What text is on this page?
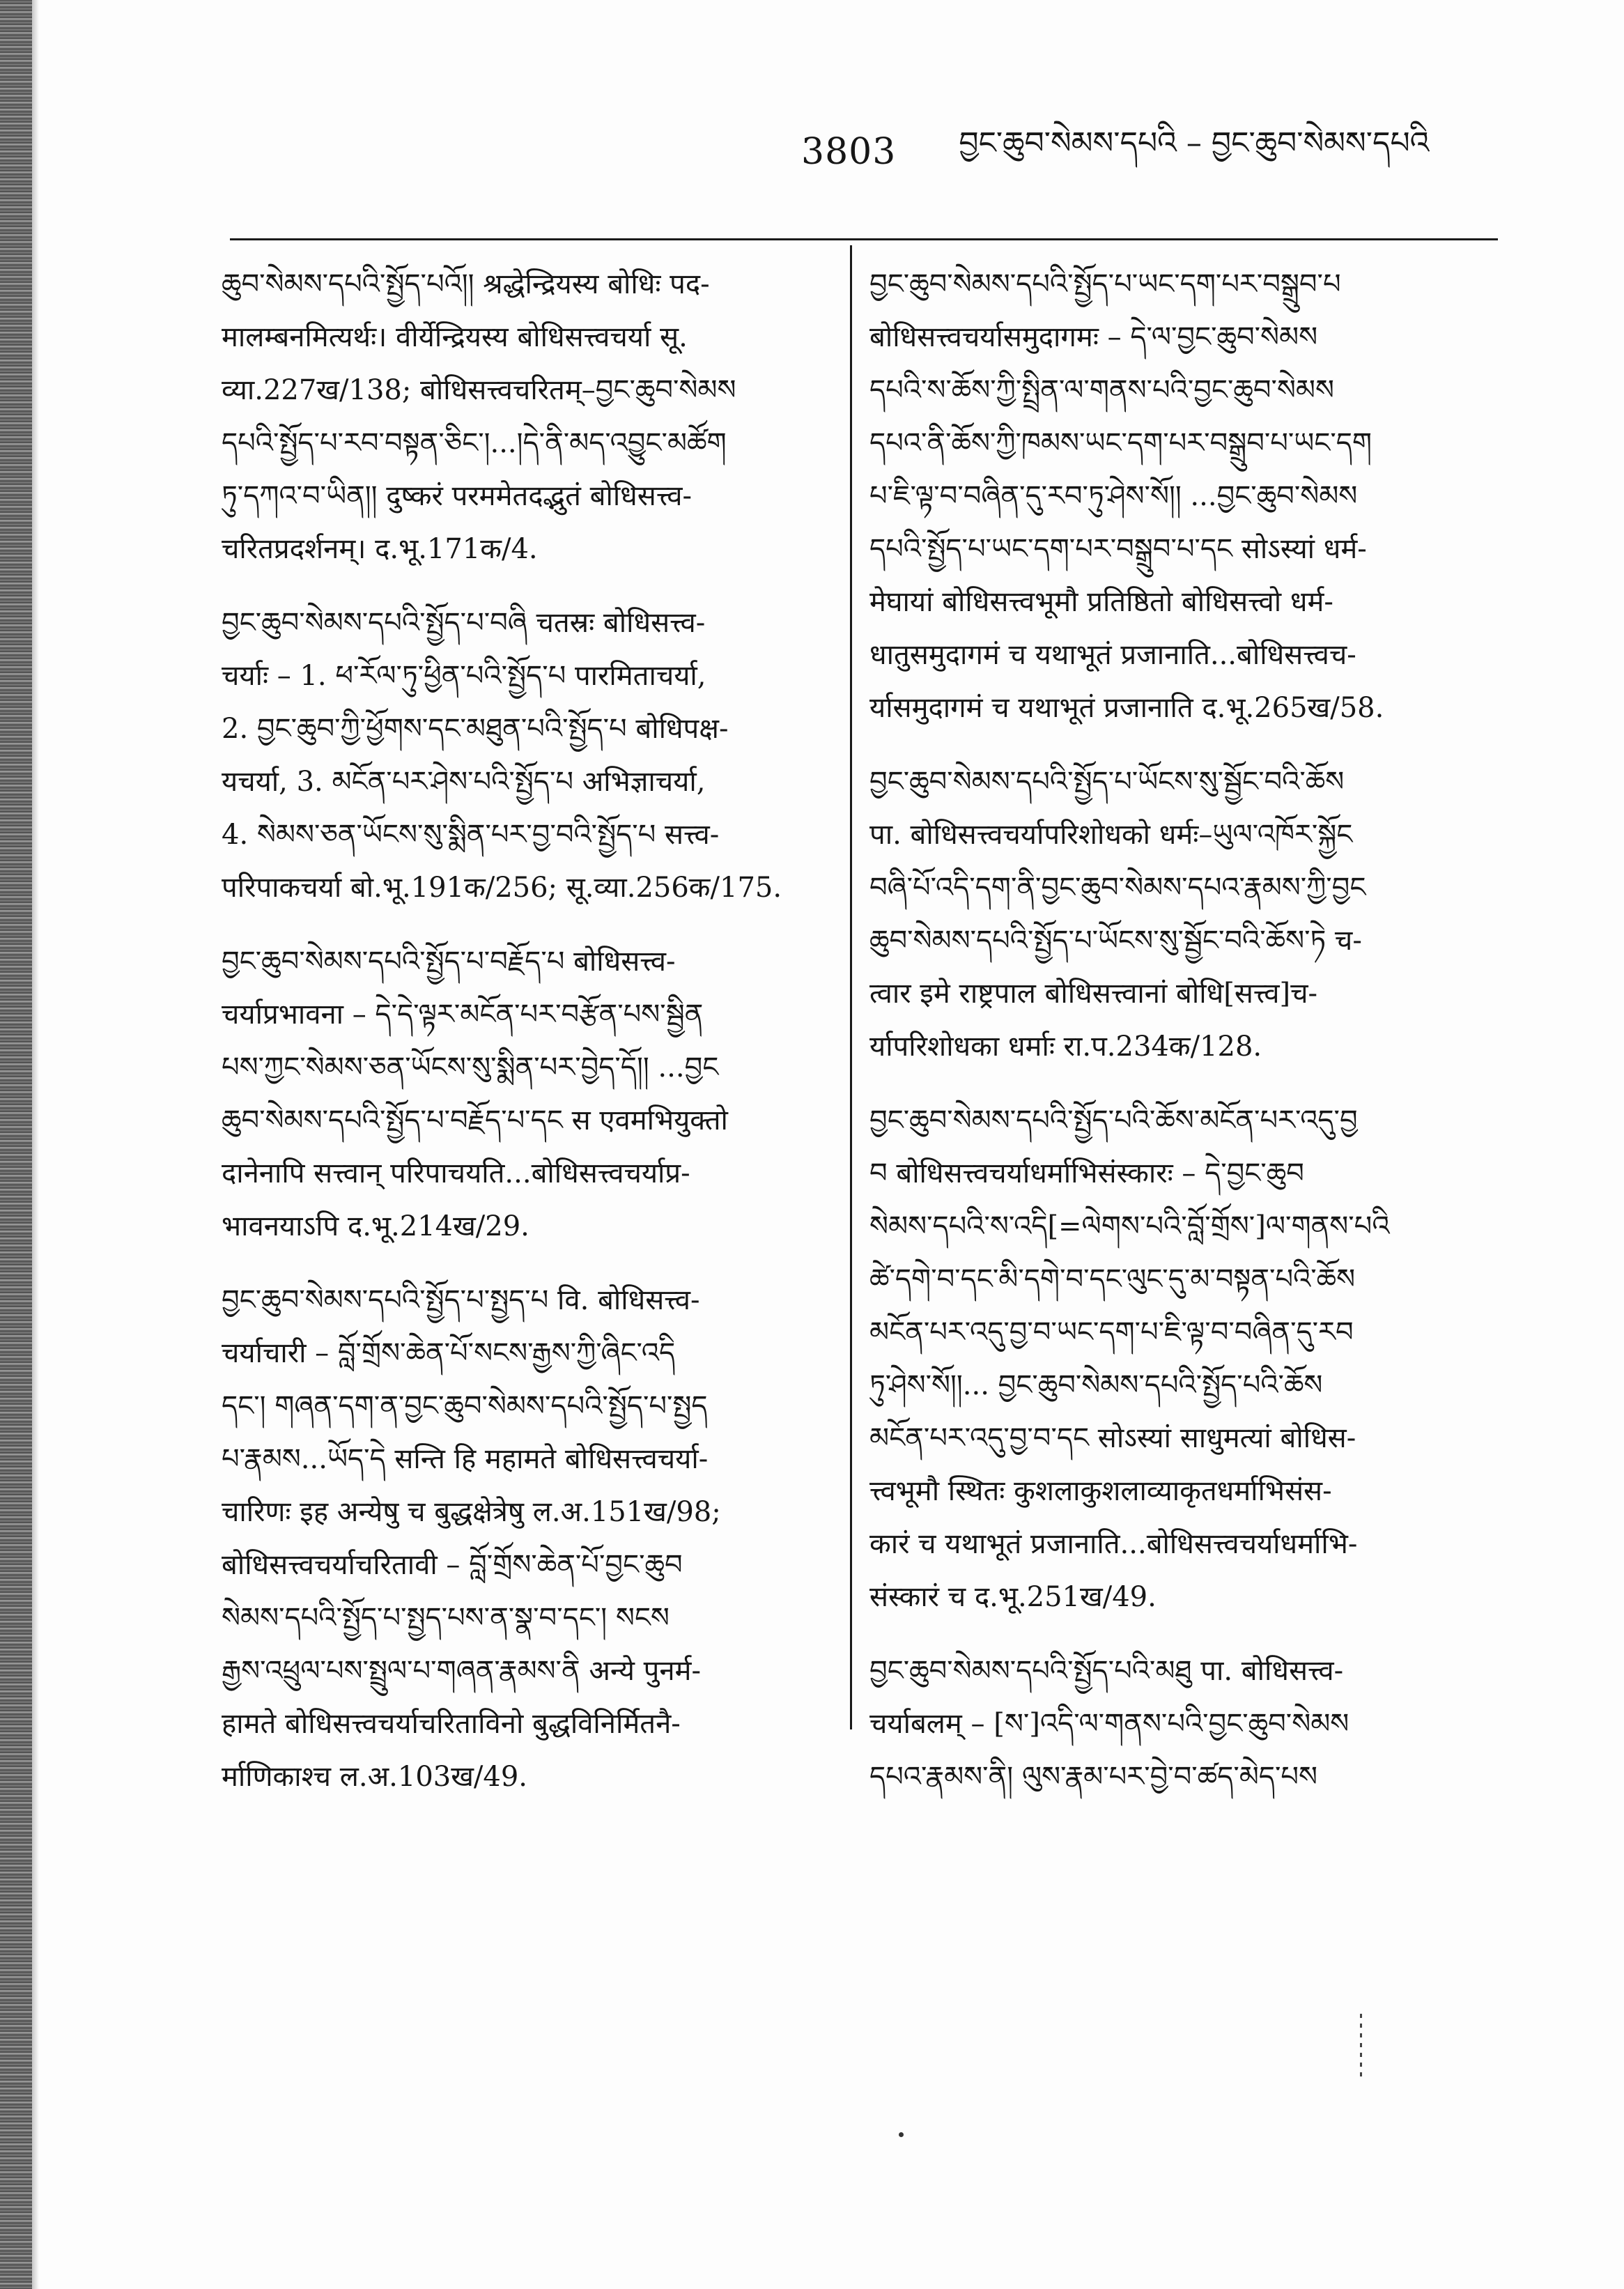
3803 བྱང་ཆུབ་སེམས་དཔའི – བྱང་ཆུབ་སེམས་དཔའི

ཆུབ་སེམས་དཔའི་སྤྱོད་པའོ།། श्रद्धेन्द्रियस्य बोधिः पद-

मालम्बनमित्यर्थः। वीर्येन्द्रियस्य बोधिसत्त्वचर्या सू.

व्या.227ख/138; बोधिसत्त्वचरितम्–བྱང་ཆུབ་སེམས

དཔའི་སྤྱོད་པ་རབ་བསྟན་ཅིང་།...།དེ་ནི་མད་འབྱུང་མཚོག

ཏུ་དཀའ་བ་ཡིན།། दुष्करं परममेतदद्भुतं बोधिसत्त्व-

चरितप्रदर्शनम्। द.भू.171क/4.

བྱང་ཆུབ་སེམས་དཔའི་སྤྱོད་པ་བཞི चतस्रः बोधिसत्त्व-

चर्याः – 1. ཕ་རོལ་ཏུ་ཕྱིན་པའི་སྤྱོད་པ पारमिताचर्या,

2. བྱང་ཆུབ་ཀྱི་ཕྱོགས་དང་མཐུན་པའི་སྤྱོད་པ बोधिपक्ष-

यचर्या, 3. མངོན་པར་ཤེས་པའི་སྤྱོད་པ अभिज्ञाचर्या,

4. སེམས་ཅན་ཡོངས་སུ་སྨིན་པར་བྱ་བའི་སྤྱོད་པ सत्त्व-

परिपाकचर्या बो.भू.191क/256; सू.व्या.256क/175.

བྱང་ཆུབ་སེམས་དཔའི་སྤྱོད་པ་བརྗོད་པ बोधिसत्त्व-

चर्याप्रभावना – དེ་དེ་ལྟར་མངོན་པར་བརྩོན་པས་སྦྱིན

པས་ཀྱང་སེམས་ཅན་ཡོངས་སུ་སྨིན་པར་བྱེད་དོ།། ...བྱང

ཆུབ་སེམས་དཔའི་སྤྱོད་པ་བརྗོད་པ་དང स एवमभियुक्तो

दानेनापि सत्त्वान् परिपाचयति...बोधिसत्त्वचर्याप्र-

भावनयाऽपि द.भू.214ख/29.

བྱང་ཆུབ་སེམས་དཔའི་སྤྱོད་པ་སྤྱད་པ वि. बोधिसत्त्व-

चर्याचारी – བློ་གྲོས་ཆེན་པོ་སངས་རྒྱས་ཀྱི་ཞིང་འདི

དང་། གཞན་དག་ན་བྱང་ཆུབ་སེམས་དཔའི་སྤྱོད་པ་སྤྱད

པ་རྣམས...ཡོད་དེ सन्ति हि महामते बोधिसत्त्वचर्या-

चारिणः इह अन्येषु च बुद्धक्षेत्रेषु ल.अ.151ख/98;

बोधिसत्त्वचर्याचरितावी – བློ་གྲོས་ཆེན་པོ་བྱང་ཆུབ

སེམས་དཔའི་སྤྱོད་པ་སྤྱད་པས་ན་སྣ་བ་དང་། སངས

རྒྱས་འཕྲུལ་པས་སྤྲུལ་པ་གཞན་རྣམས་ནི अन्ये पुनर्म-

हामते बोधिसत्त्वचर्याचरिताविनो बुद्धविनिर्मितनै-

र्माणिकाश्च ल.अ.103ख/49.

བྱང་ཆུབ་སེམས་དཔའི་སྤྱོད་པ་ཡང་དག་པར་བསྒྲུབ་པ

बोधिसत्त्वचर्यासमुदागमः – དེ་ལ་བྱང་ཆུབ་སེམས

དཔའི་ས་ཆོས་ཀྱི་སྤྲིན་ལ་གནས་པའི་བྱང་ཆུབ་སེམས

དཔའ་ནི་ཆོས་ཀྱི་ཁམས་ཡང་དག་པར་བསྒྲུབ་པ་ཡང་དག

པ་ཇི་ལྟ་བ་བཞིན་དུ་རབ་ཏུ་ཤེས་སོ།། ...བྱང་ཆུབ་སེམས

དཔའི་སྤྱོད་པ་ཡང་དག་པར་བསྒྲུབ་པ་དང सोऽस्यां धर्म-

मेघायां बोधिसत्त्वभूमौ प्रतिष्ठितो बोधिसत्त्वो धर्म-

धातुसमुदागमं च यथाभूतं प्रजानाति...बोधिसत्त्वच-

र्यासमुदागमं च यथाभूतं प्रजानाति द.भू.265ख/58.

བྱང་ཆུབ་སེམས་དཔའི་སྤྱོད་པ་ཡོངས་སུ་སྦྱོང་བའི་ཆོས

पा. बोधिसत्त्वचर्यापरिशोधको धर्मः–ཡུལ་འཁོར་སྐྱོང

བཞི་པོ་འདི་དག་ནི་བྱང་ཆུབ་སེམས་དཔའ་རྣམས་ཀྱི་བྱང

ཆུབ་སེམས་དཔའི་སྤྱོད་པ་ཡོངས་སུ་སྦྱོང་བའི་ཆོས་ཏེ च-

त्वार इमे राष्ट्रपाल बोधिसत्त्वानां बोधि[सत्त्व]च-

र्यापरिशोधका धर्माः रा.प.234क/128.

བྱང་ཆུབ་སེམས་དཔའི་སྤྱོད་པའི་ཆོས་མངོན་པར་འདུ་བྱ

བ बोधिसत्त्वचर्याधर्माभिसंस्कारः – དེ་བྱང་ཆུབ

སེམས་དཔའི་ས་འདི[=ལེགས་པའི་བློ་གྲོས་]ལ་གནས་པའི

ཚེ་དགེ་བ་དང་མི་དགེ་བ་དང་ལུང་དུ་མ་བསྟན་པའི་ཆོས

མངོན་པར་འདུ་བྱ་བ་ཡང་དག་པ་ཇི་ལྟ་བ་བཞིན་དུ་རབ

ཏུ་ཤེས་སོ།།... བྱང་ཆུབ་སེམས་དཔའི་སྤྱོད་པའི་ཆོས

མངོན་པར་འདུ་བྱ་བ་དང सोऽस्यां साधुमत्यां बोधिस-

त्त्वभूमौ स्थितः कुशलाकुशलाव्याकृतधर्माभिसंस-

कारं च यथाभूतं प्रजानाति...बोधिसत्त्वचर्याधर्माभि-

संस्कारं च द.भू.251ख/49.

བྱང་ཆུབ་སེམས་དཔའི་སྤྱོད་པའི་མཐུ पा. बोधिसत्त्व-

चर्याबलम् – [ས་]འདི་ལ་གནས་པའི་བྱང་ཆུབ་སེམས

དཔའ་རྣམས་ནི། ལུས་རྣམ་པར་བྱེ་བ་ཚད་མེད་པས
